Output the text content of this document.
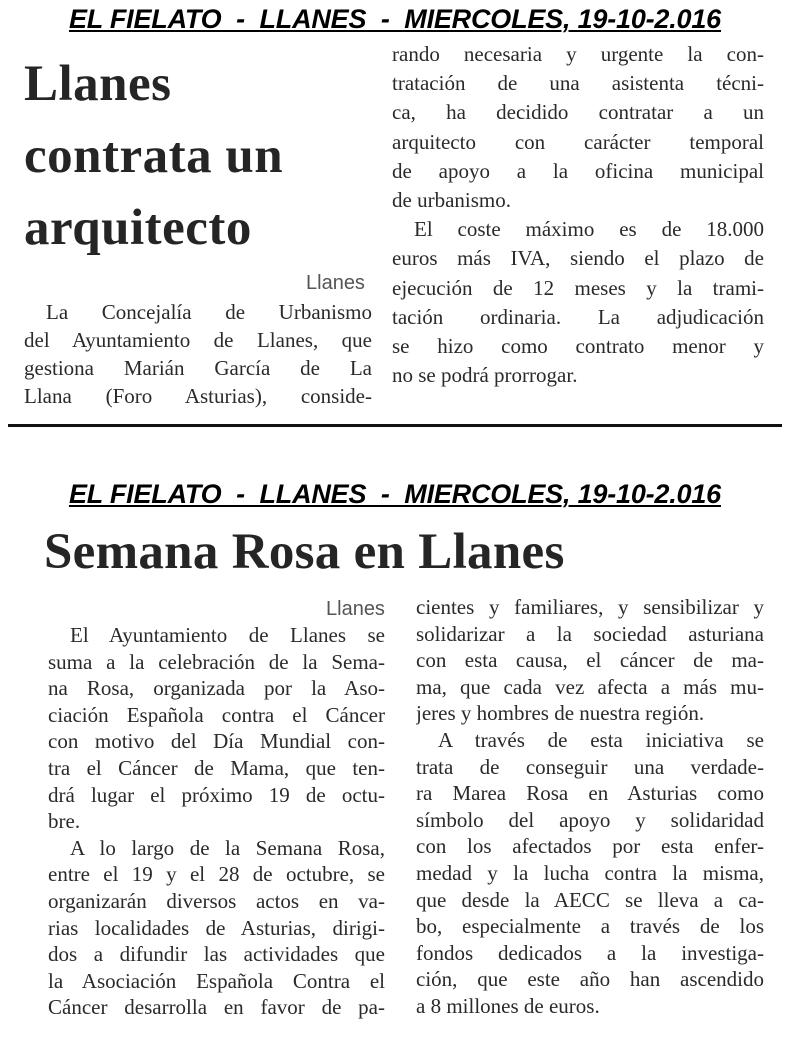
EL FIELATO  -  LLANES  -  MIERCOLES, 19-10-2.016
Llanes
contrata un
arquitecto
Llanes
La Concejalía de Urbanismo
del Ayuntamiento de Llanes, que
gestiona Marián García de La
Llana (Foro Asturias), conside-
rando necesaria y urgente la con-
tratación de una asistenta técni-
ca, ha decidido contratar a un
arquitecto con carácter temporal
de apoyo a la oficina municipal
de urbanismo.
El coste máximo es de 18.000
euros más IVA, siendo el plazo de
ejecución de 12 meses y la trami-
tación ordinaria. La adjudicación
se hizo como contrato menor y
no se podrá prorrogar.
EL FIELATO  -  LLANES  -  MIERCOLES, 19-10-2.016
Semana Rosa en Llanes
Llanes
El Ayuntamiento de Llanes se
suma a la celebración de la Sema-
na Rosa, organizada por la Aso-
ciación Española contra el Cáncer
con motivo del Día Mundial con-
tra el Cáncer de Mama, que ten-
drá lugar el próximo 19 de octu-
bre.
A lo largo de la Semana Rosa,
entre el 19 y el 28 de octubre, se
organizarán diversos actos en va-
rias localidades de Asturias, dirigi-
dos a difundir las actividades que
la Asociación Española Contra el
Cáncer desarrolla en favor de pa-
cientes y familiares, y sensibilizar y
solidarizar a la sociedad asturiana
con esta causa, el cáncer de ma-
ma, que cada vez afecta a más mu-
jeres y hombres de nuestra región.
A través de esta iniciativa se
trata de conseguir una verdade-
ra Marea Rosa en Asturias como
símbolo del apoyo y solidaridad
con los afectados por esta enfer-
medad y la lucha contra la misma,
que desde la AECC se lleva a ca-
bo, especialmente a través de los
fondos dedicados a la investiga-
ción, que este año han ascendido
a 8 millones de euros.
